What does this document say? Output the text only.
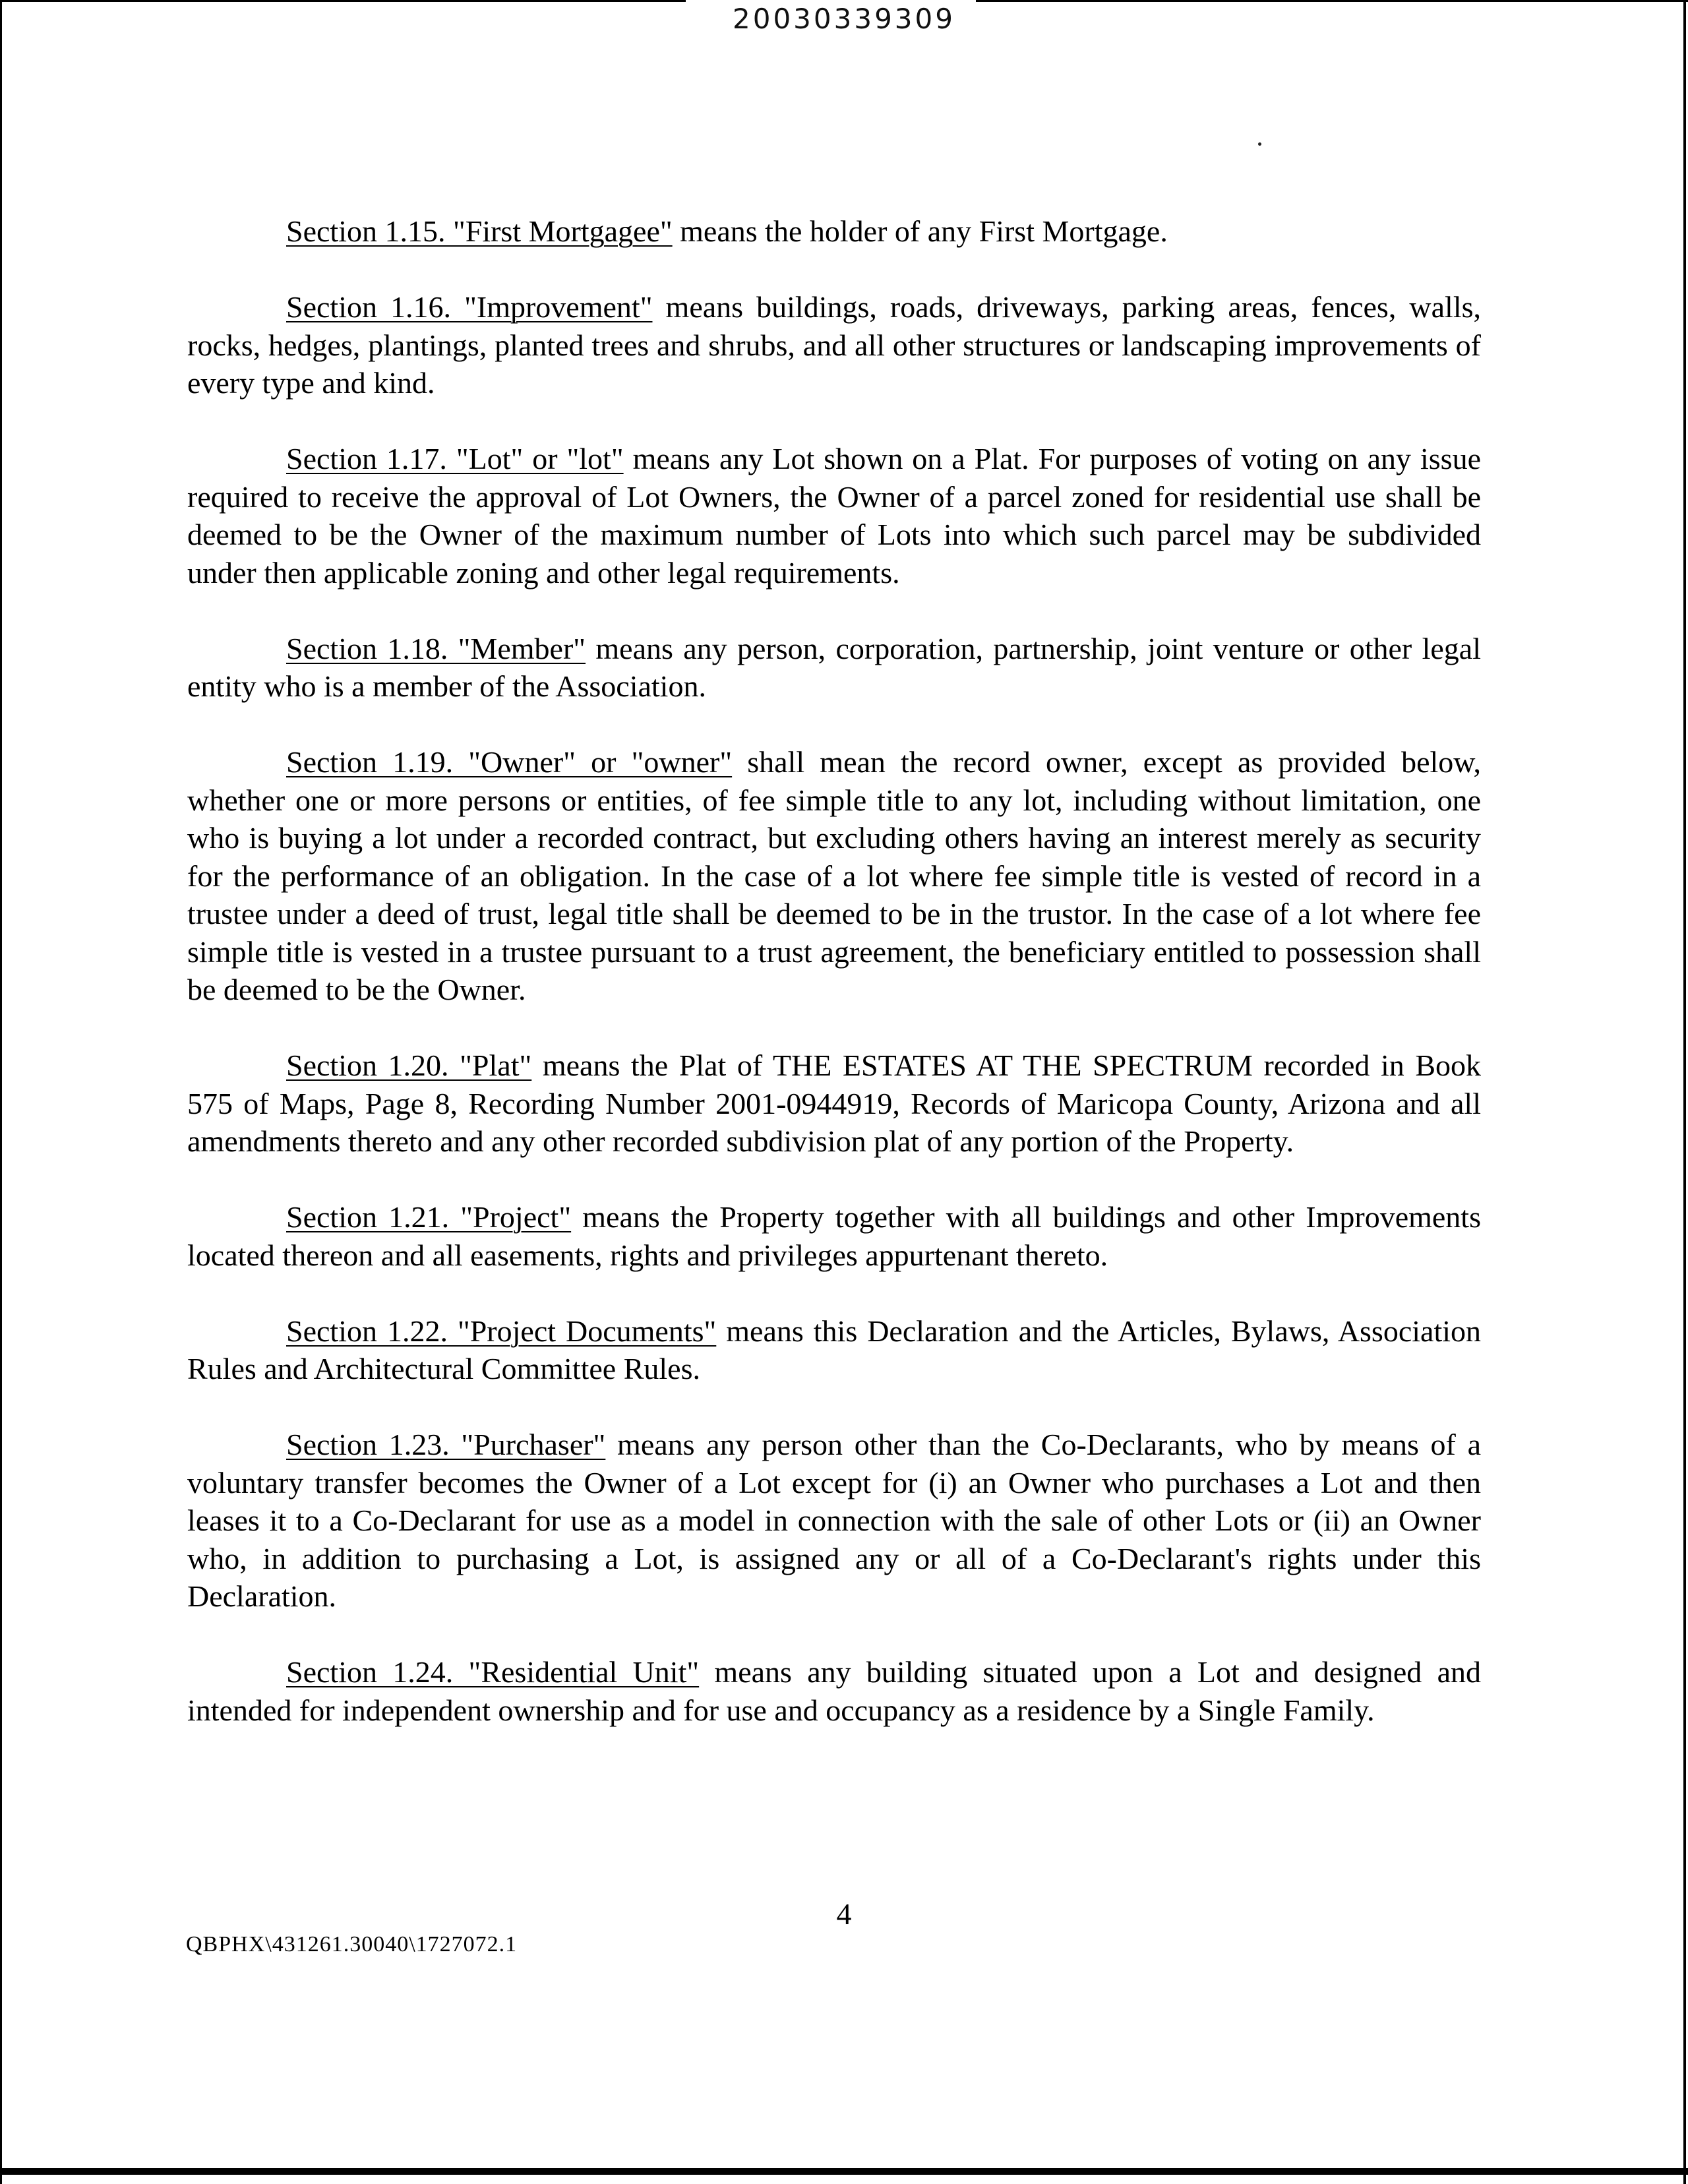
20030339309

Section 1.15. "First Mortgagee" means the holder of any First Mortgage.

Section 1.16. "Improvement" means buildings, roads, driveways, parking areas, fences, walls, rocks, hedges, plantings, planted trees and shrubs, and all other structures or landscaping improvements of every type and kind.

Section 1.17. "Lot" or "lot" means any Lot shown on a Plat. For purposes of voting on any issue required to receive the approval of Lot Owners, the Owner of a parcel zoned for residential use shall be deemed to be the Owner of the maximum number of Lots into which such parcel may be subdivided under then applicable zoning and other legal requirements.

Section 1.18. "Member" means any person, corporation, partnership, joint venture or other legal entity who is a member of the Association.

Section 1.19. "Owner" or "owner" shall mean the record owner, except as provided below, whether one or more persons or entities, of fee simple title to any lot, including without limitation, one who is buying a lot under a recorded contract, but excluding others having an interest merely as security for the performance of an obligation. In the case of a lot where fee simple title is vested of record in a trustee under a deed of trust, legal title shall be deemed to be in the trustor. In the case of a lot where fee simple title is vested in a trustee pursuant to a trust agreement, the beneficiary entitled to possession shall be deemed to be the Owner.

Section 1.20. "Plat" means the Plat of THE ESTATES AT THE SPECTRUM recorded in Book 575 of Maps, Page 8, Recording Number 2001-0944919, Records of Maricopa County, Arizona and all amendments thereto and any other recorded subdivision plat of any portion of the Property.

Section 1.21. "Project" means the Property together with all buildings and other Improvements located thereon and all easements, rights and privileges appurtenant thereto.

Section 1.22. "Project Documents" means this Declaration and the Articles, Bylaws, Association Rules and Architectural Committee Rules.

Section 1.23. "Purchaser" means any person other than the Co-Declarants, who by means of a voluntary transfer becomes the Owner of a Lot except for (i) an Owner who purchases a Lot and then leases it to a Co-Declarant for use as a model in connection with the sale of other Lots or (ii) an Owner who, in addition to purchasing a Lot, is assigned any or all of a Co-Declarant's rights under this Declaration.

Section 1.24. "Residential Unit" means any building situated upon a Lot and designed and intended for independent ownership and for use and occupancy as a residence by a Single Family.

4
QBPHX\431261.30040\1727072.1
